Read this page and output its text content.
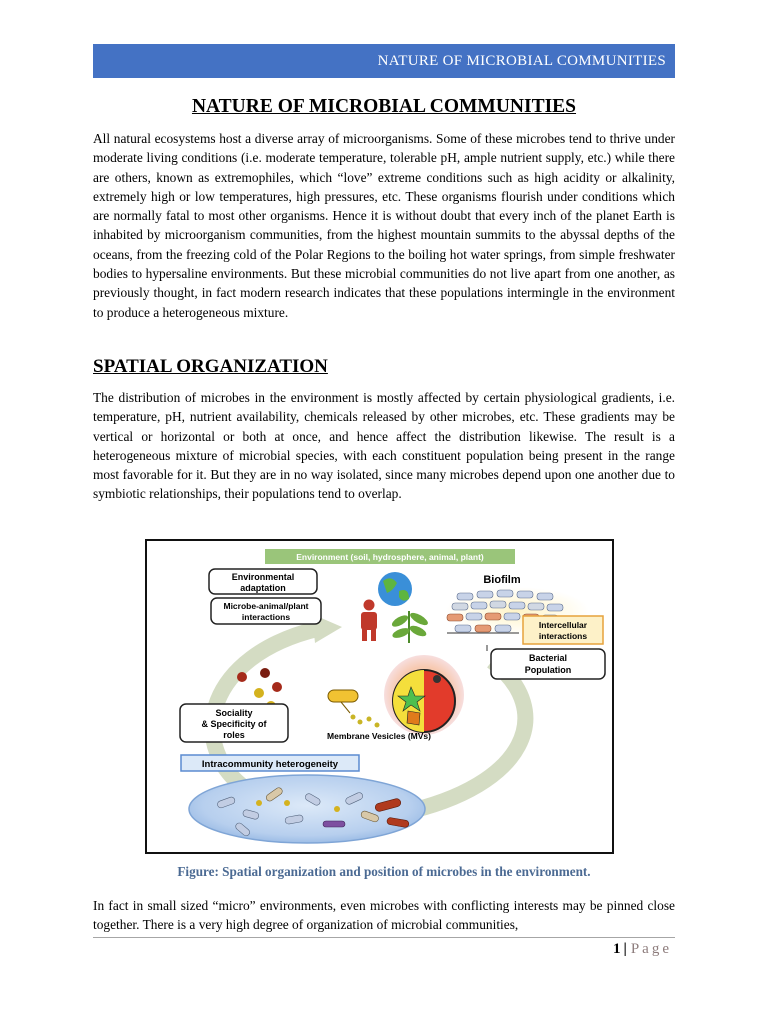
NATURE OF MICROBIAL COMMUNITIES
NATURE OF MICROBIAL COMMUNITIES

All natural ecosystems host a diverse array of microorganisms. Some of these microbes tend to thrive under moderate living conditions (i.e. moderate temperature, tolerable pH, ample nutrient supply, etc.) while there are others, known as extremophiles, which “love” extreme conditions such as high acidity or alkalinity, extremely high or low temperatures, high pressures, etc. These organisms flourish under conditions which are normally fatal to most other organisms. Hence it is without doubt that every inch of the planet Earth is inhabited by microorganism communities, from the highest mountain summits to the abyssal depths of the oceans, from the freezing cold of the Polar Regions to the boiling hot water springs, from simple freshwater bodies to hypersaline environments. But these microbial communities do not live apart from one another, as previously thought, in fact modern research indicates that these populations intermingle in the environment to produce a heterogeneous mixture.

SPATIAL ORGANIZATION

The distribution of microbes in the environment is mostly affected by certain physiological gradients, i.e. temperature, pH, nutrient availability, chemicals released by other microbes, etc. These gradients may be vertical or horizontal or both at once, and hence affect the distribution likewise. The result is a heterogeneous mixture of microbial species, with each constituent population being present in the range most favorable for it. But they are in no way isolated, since many microbes depend upon one another due to symbiotic relationships, their populations tend to overlap.

Environment (soil, hydrosphere, animal, plant)
Environmental
adaptation
Microbe-animal/plant
interactions
Biofilm
Intercellular
interactions
Bacterial
Population
Sociality
& Specificity of
roles	Membrane Vesicles (MVs)
Intracommunity heterogeneity

Figure: Spatial organization and position of microbes in the environment.

In fact in small sized “micro” environments, even microbes with conflicting interests may be pinned close together. There is a very high degree of organization of microbial communities,

1 | Page
